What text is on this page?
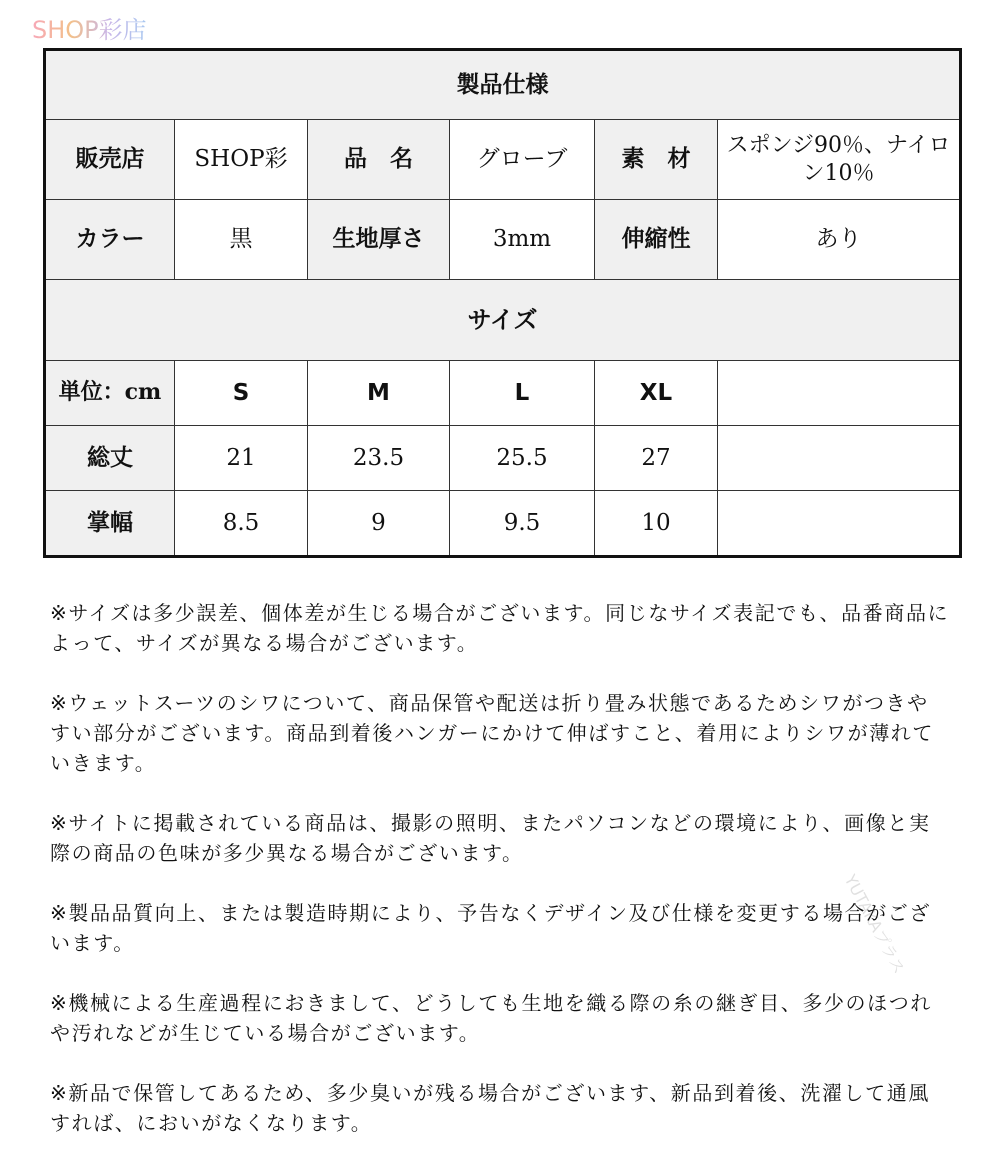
SHOP彩店
製品仕様					
販売店	SHOP彩	品　名	グローブ	素　材	スポンジ90％、ナイロン10％
カラー	黒	生地厚さ	3mm	伸縮性	あり
サイズ					
単位：cm	S	M	L	XL	
総丈	21	23.5	25.5	27	
掌幅	8.5	9	9.5	10	

※サイズは多少誤差、個体差が生じる場合がございます。同じなサイズ表記でも、品番商品によって、サイズが異なる場合がございます。

※ウェットスーツのシワについて、商品保管や配送は折り畳み状態であるためシワがつきやすい部分がございます。商品到着後ハンガーにかけて伸ばすこと、着用によりシワが薄れていきます。

※サイトに掲載されている商品は、撮影の照明、またパソコンなどの環境により、画像と実際の商品の色味が多少異なる場合がございます。

※製品品質向上、または製造時期により、予告なくデザイン及び仕様を変更する場合がございます。

※機械による生産過程におきまして、どうしても生地を織る際の糸の継ぎ目、多少のほつれや汚れなどが生じている場合がございます。

※新品で保管してあるため、多少臭いが残る場合がございます、新品到着後、洗濯して通風すれば、においがなくなります。

YUTAKAプラス
